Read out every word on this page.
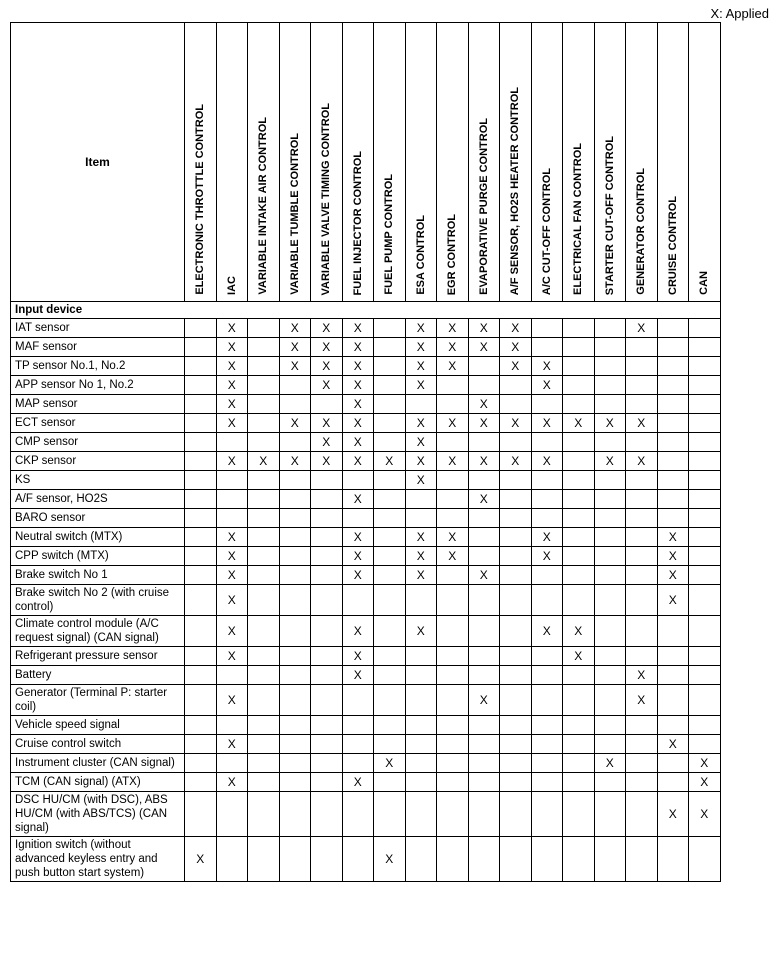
X: Applied
Item	ELECTRONIC THROTTLE CONTROL	IAC	VARIABLE INTAKE AIR CONTROL	VARIABLE TUMBLE CONTROL	VARIABLE VALVE TIMING CONTROL	FUEL INJECTOR CONTROL	FUEL PUMP CONTROL	ESA CONTROL	EGR CONTROL	EVAPORATIVE PURGE CONTROL	A/F SENSOR, HO2S HEATER CONTROL	A/C CUT-OFF CONTROL	ELECTRICAL FAN CONTROL	STARTER CUT-OFF CONTROL	GENERATOR CONTROL	CRUISE CONTROL	CAN

Input device																	
IAT sensor		X		X	X	X		X	X	X	X				X		
MAF sensor		X		X	X	X		X	X	X	X						
TP sensor No.1, No.2		X		X	X	X		X	X		X	X					
APP sensor No 1, No.2		X			X	X		X				X					
MAP sensor		X				X				X							
ECT sensor		X		X	X	X		X	X	X	X	X	X	X	X		
CMP sensor					X	X		X									
CKP sensor		X	X	X	X	X	X	X	X	X	X	X		X	X		
KS								X									
A/F sensor, HO2S						X				X							
BARO sensor																	
Neutral switch (MTX)		X				X		X	X			X				X	
CPP switch (MTX)		X				X		X	X			X				X	
Brake switch No 1		X				X		X		X						X	
Brake switch No 2 (with cruise control)		X														X	
Climate control module (A/C request signal) (CAN signal)		X				X		X				X	X				
Refrigerant pressure sensor		X				X							X				
Battery						X									X		
Generator (Terminal P: starter coil)		X								X					X		
Vehicle speed signal																	
Cruise control switch		X														X	
Instrument cluster (CAN signal)							X							X			X
TCM (CAN signal) (ATX)		X				X											X
DSC HU/CM (with DSC), ABS HU/CM (with ABS/TCS) (CAN signal)																X	X
Ignition switch (without advanced keyless entry and push button start system)	X						X										
